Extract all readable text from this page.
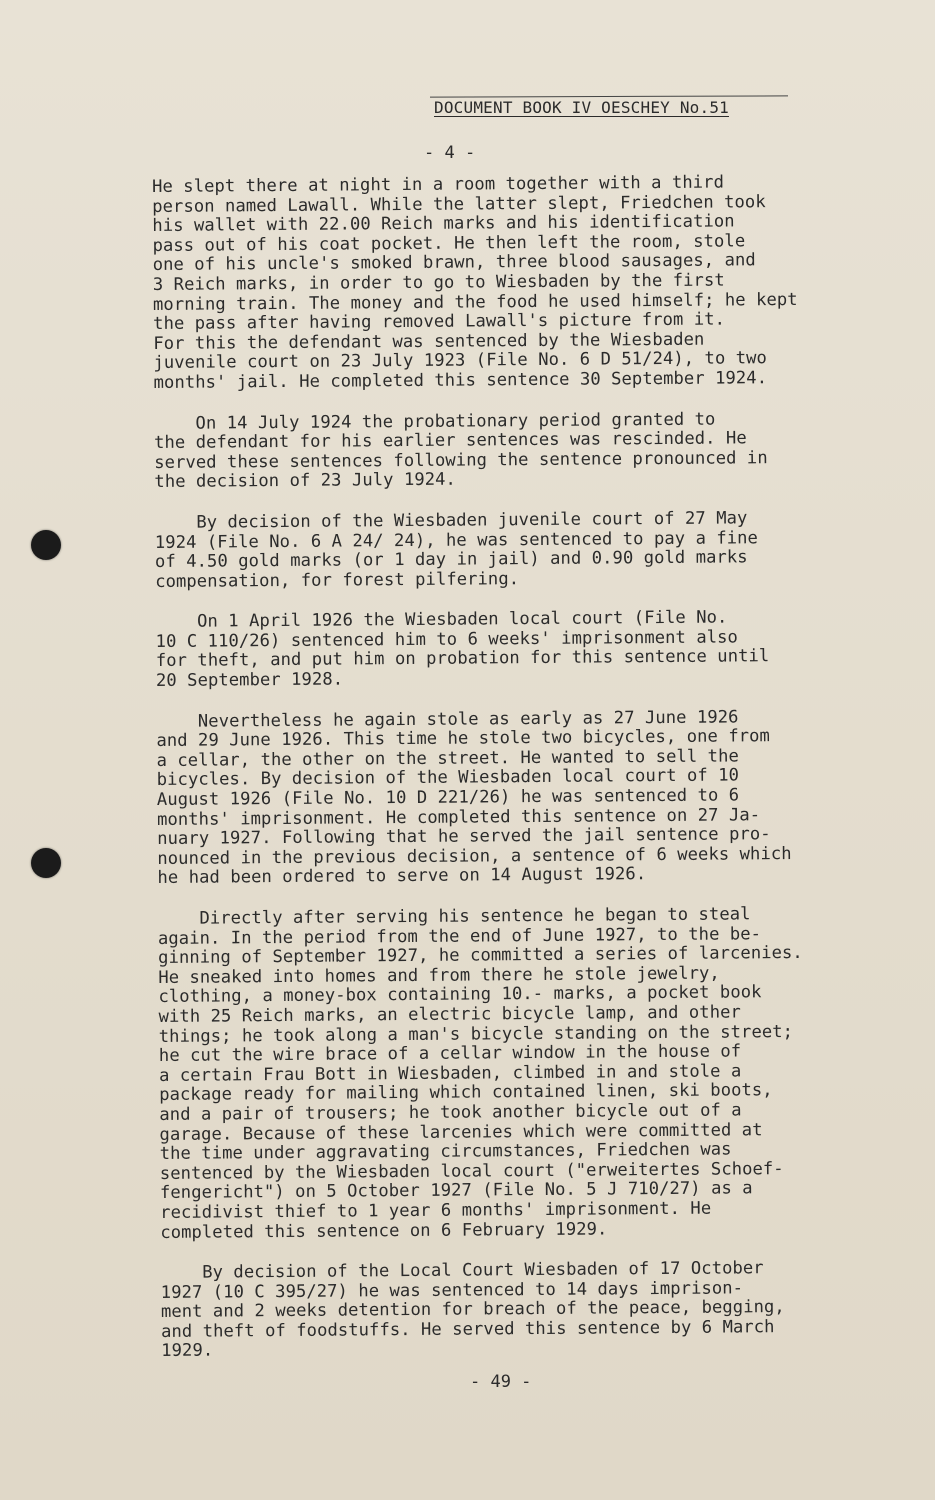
DOCUMENT BOOK IV OESCHEY No.51
- 4 -
He slept there at night in a room together with a third
person named Lawall. While the latter slept, Friedchen took
his wallet with 22.00 Reich marks and his identification
pass out of his coat pocket. He then left the room, stole
one of his uncle's smoked brawn, three blood sausages, and
3 Reich marks, in order to go to Wiesbaden by the first
morning train. The money and the food he used himself; he kept
the pass after having removed Lawall's picture from it.
For this the defendant was sentenced by the Wiesbaden
juvenile court on 23 July 1923 (File No. 6 D 51/24), to two
months' jail. He completed this sentence 30 September 1924.
On 14 July 1924 the probationary period granted to
the defendant for his earlier sentences was rescinded. He
served these sentences following the sentence pronounced in
the decision of 23 July 1924.
By decision of the Wiesbaden juvenile court of 27 May
1924 (File No. 6 A 24/ 24), he was sentenced to pay a fine
of 4.50 gold marks (or 1 day in jail) and 0.90 gold marks
compensation, for forest pilfering.
On 1 April 1926 the Wiesbaden local court (File No.
10 C 110/26) sentenced him to 6 weeks' imprisonment also
for theft, and put him on probation for this sentence until
20 September 1928.
Nevertheless he again stole as early as 27 June 1926
and 29 June 1926. This time he stole two bicycles, one from
a cellar, the other on the street. He wanted to sell the
bicycles. By decision of the Wiesbaden local court of 10
August 1926 (File No. 10 D 221/26) he was sentenced to 6
months' imprisonment. He completed this sentence on 27 Ja-
nuary 1927. Following that he served the jail sentence pro-
nounced in the previous decision, a sentence of 6 weeks which
he had been ordered to serve on 14 August 1926.
Directly after serving his sentence he began to steal
again. In the period from the end of June 1927, to the be-
ginning of September 1927, he committed a series of larcenies.
He sneaked into homes and from there he stole jewelry,
clothing, a money-box containing 10.- marks, a pocket book
with 25 Reich marks, an electric bicycle lamp, and other
things; he took along a man's bicycle standing on the street;
he cut the wire brace of a cellar window in the house of
a certain Frau Bott in Wiesbaden, climbed in and stole a
package ready for mailing which contained linen, ski boots,
and a pair of trousers; he took another bicycle out of a
garage. Because of these larcenies which were committed at
the time under aggravating circumstances, Friedchen was
sentenced by the Wiesbaden local court ("erweitertes Schoef-
fengericht") on 5 October 1927 (File No. 5 J 710/27) as a
recidivist thief to 1 year 6 months' imprisonment. He
completed this sentence on 6 February 1929.
By decision of the Local Court Wiesbaden of 17 October
1927 (10 C 395/27) he was sentenced to 14 days imprison-
ment and 2 weeks detention for breach of the peace, begging,
and theft of foodstuffs. He served this sentence by 6 March
1929.
- 49 -
